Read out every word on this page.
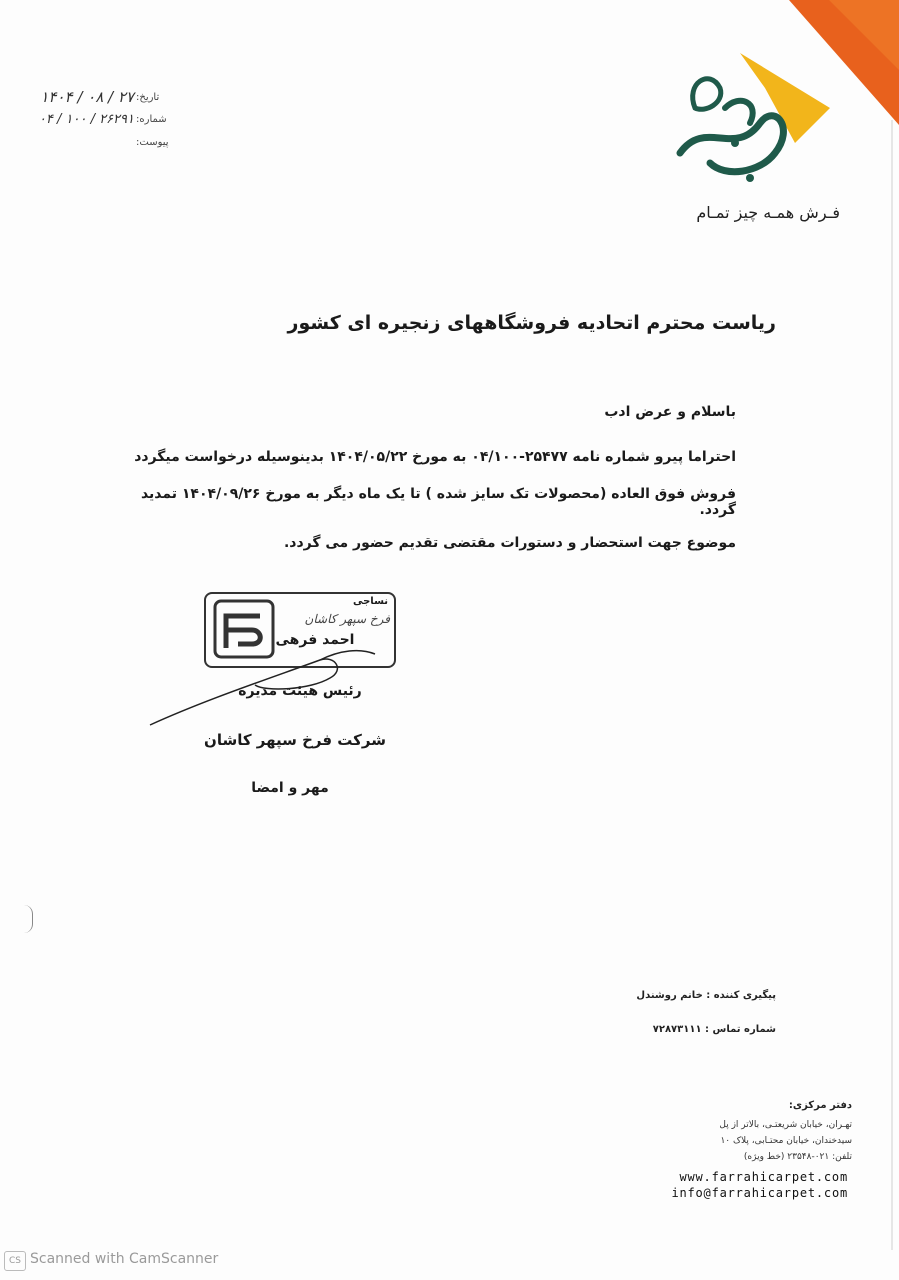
فـرش همـه چیز تمـام
تاریخ:
۱۴۰۴ / ۰۸ / ۲۷
شماره:
۰۴ / ۱۰۰ / ۲۶۲۹۱
پیوست:
ریاست محترم اتحادیه فروشگاههای زنجیره ای کشور
باسلام و عرض ادب
احتراما پیرو شماره نامه ۲۵۴۷۷-۰۴/۱۰۰ به مورخ ۱۴۰۴/۰۵/۲۲ بدینوسیله درخواست میگردد
فروش فوق العاده (محصولات تک سایز شده ) تا یک ماه دیگر به مورخ ۱۴۰۴/۰۹/۲۶ تمدید گردد.
موضوع جهت استحضار و دستورات مقتضی تقدیم حضور می گردد.
نساجی
فرخ سپهر کاشان
احمد فرهی
رئیس هیئت مدیره
شرکت فرخ سپهر کاشان
مهر و امضا
پیگیری کننده : خانم روشندل
شماره تماس : ۷۲۸۷۳۱۱۱
دفتر مرکزی:
تهـران، خیابان شریعتـی، بالاتر از پل
سیدخندان، خیابان محتـابی، پلاک ۱۰
تلفن: ۰۲۱-۲۳۵۴۸ (خط ویژه)
www.farrahicarpet.com
info@farrahicarpet.com
CS Scanned with CamScanner
